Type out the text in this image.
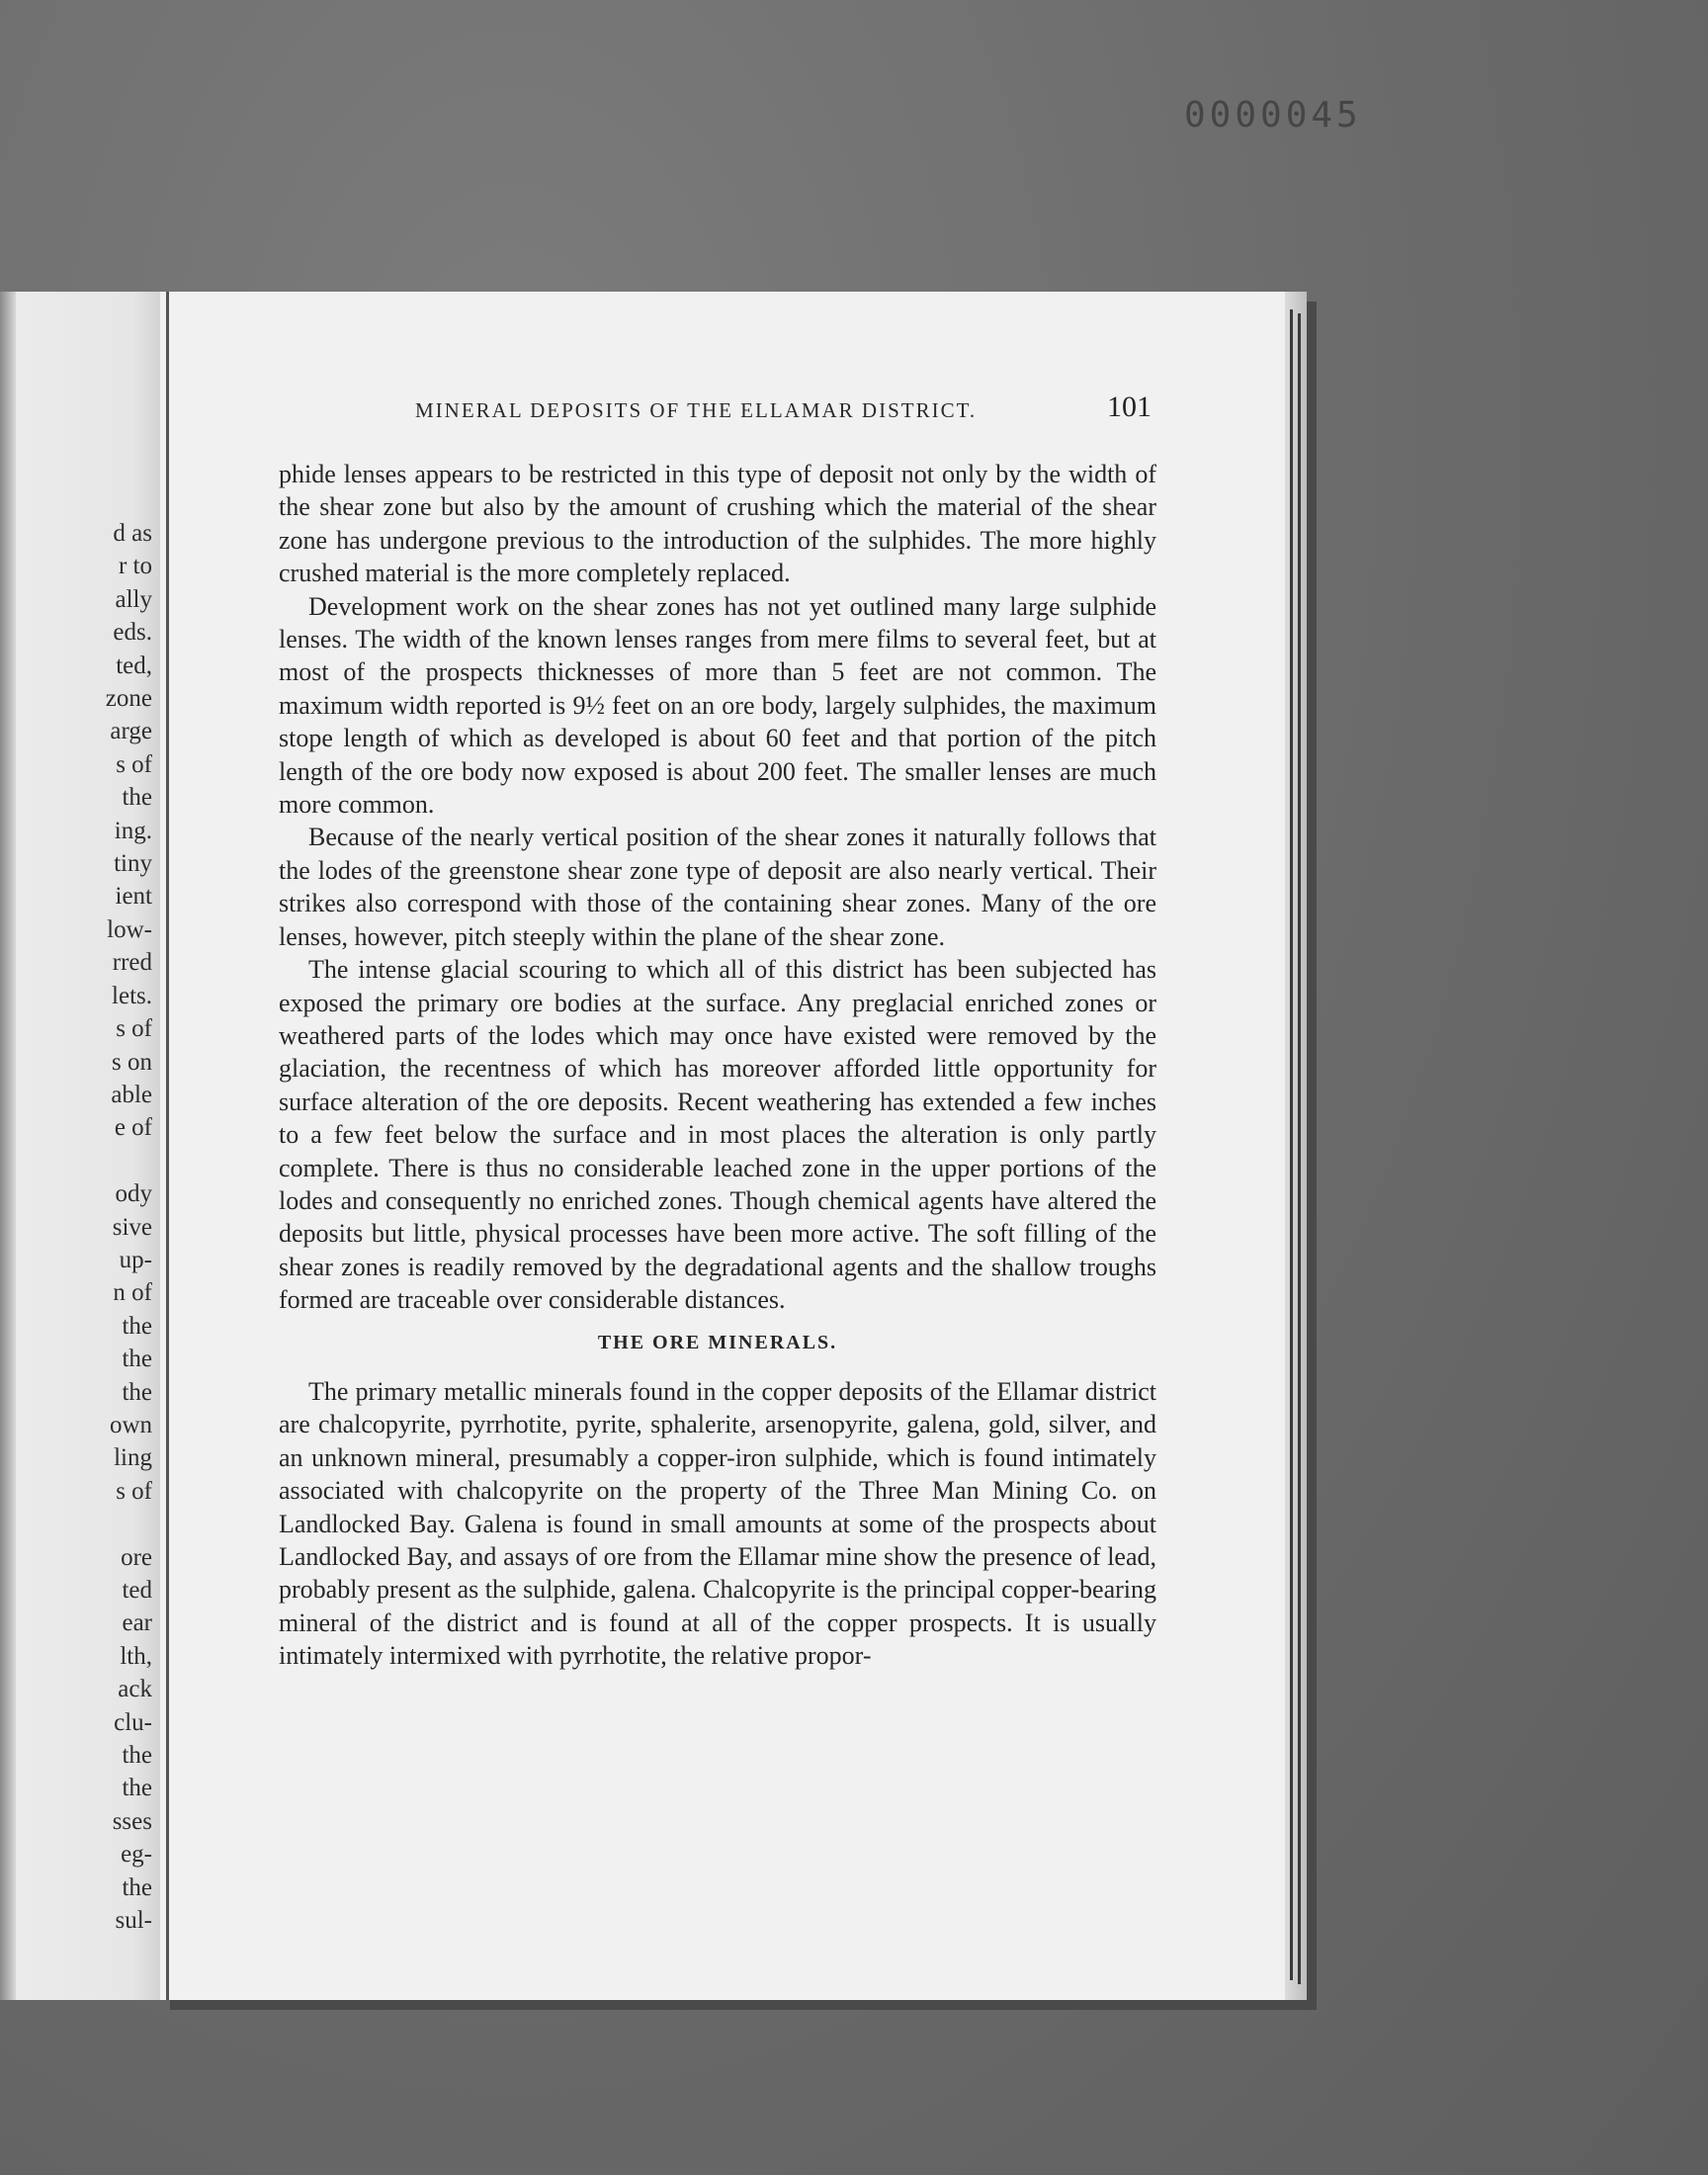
0000045
d as
r to
ally
eds.
ted,
zone
arge
s of
the
ing.
tiny
ient
low-
rred
lets.
s of
s on
able
e of

ody
sive
up-
n of
the
the
the
own
ling
s of

ore
ted
ear
lth,
ack
clu-
the
the
sses
eg-
the
sul-
MINERAL DEPOSITS OF THE ELLAMAR DISTRICT.	101

phide lenses appears to be restricted in this type of deposit not only by the width of the shear zone but also by the amount of crushing which the material of the shear zone has undergone previous to the introduction of the sulphides. The more highly crushed material is the more completely replaced.

Development work on the shear zones has not yet outlined many large sulphide lenses. The width of the known lenses ranges from mere films to several feet, but at most of the prospects thicknesses of more than 5 feet are not common. The maximum width reported is 9½ feet on an ore body, largely sulphides, the maximum stope length of which as developed is about 60 feet and that portion of the pitch length of the ore body now exposed is about 200 feet. The smaller lenses are much more common.

Because of the nearly vertical position of the shear zones it naturally follows that the lodes of the greenstone shear zone type of deposit are also nearly vertical. Their strikes also correspond with those of the containing shear zones. Many of the ore lenses, however, pitch steeply within the plane of the shear zone.

The intense glacial scouring to which all of this district has been subjected has exposed the primary ore bodies at the surface. Any preglacial enriched zones or weathered parts of the lodes which may once have existed were removed by the glaciation, the recentness of which has moreover afforded little opportunity for surface alteration of the ore deposits. Recent weathering has extended a few inches to a few feet below the surface and in most places the alteration is only partly complete. There is thus no considerable leached zone in the upper portions of the lodes and consequently no enriched zones. Though chemical agents have altered the deposits but little, physical processes have been more active. The soft filling of the shear zones is readily removed by the degradational agents and the shallow troughs formed are traceable over considerable distances.

THE ORE MINERALS.

The primary metallic minerals found in the copper deposits of the Ellamar district are chalcopyrite, pyrrhotite, pyrite, sphalerite, arsenopyrite, galena, gold, silver, and an unknown mineral, presumably a copper-iron sulphide, which is found intimately associated with chalcopyrite on the property of the Three Man Mining Co. on Landlocked Bay. Galena is found in small amounts at some of the prospects about Landlocked Bay, and assays of ore from the Ellamar mine show the presence of lead, probably present as the sulphide, galena. Chalcopyrite is the principal copper-bearing mineral of the district and is found at all of the copper prospects. It is usually intimately intermixed with pyrrhotite, the relative propor-
